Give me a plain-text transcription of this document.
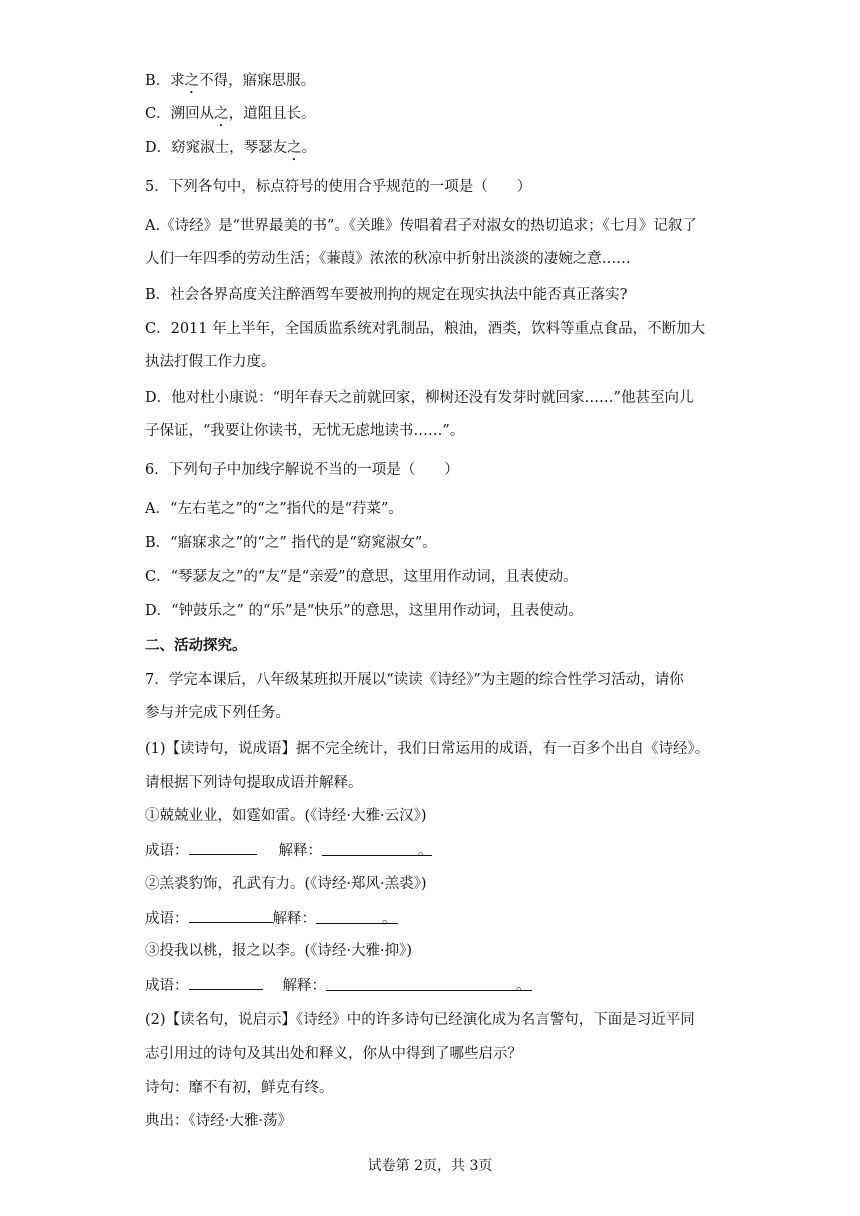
B．求之不得，寤寐思服。
C．溯回从之，道阻且长。
D．窈窕淑士，琴瑟友之。
5．下列各句中，标点符号的使用合乎规范的一项是（　　）
A.《诗经》是“世界最美的书”。《关雎》传唱着君子对淑女的热切追求；《七月》记叙了
人们一年四季的劳动生活；《蒹葭》浓浓的秋凉中折射出淡淡的凄婉之意……
B．社会各界高度关注醉酒驾车要被刑拘的规定在现实执法中能否真正落实?
C．2011 年上半年，全国质监系统对乳制品，粮油，酒类，饮料等重点食品，不断加大
执法打假工作力度。
D．他对杜小康说：“明年春天之前就回家，柳树还没有发芽时就回家……”他甚至向儿
子保证，“我要让你读书，无忧无虑地读书……”。
6．下列句子中加线字解说不当的一项是（　　）
A．“左右芼之”的“之”指代的是“荇菜”。
B．“寤寐求之”的“之” 指代的是“窈窕淑女”。
C．“琴瑟友之”的“友”是“亲爱”的意思，这里用作动词，且表使动。
D．“钟鼓乐之” 的“乐”是“快乐”的意思，这里用作动词，且表使动。
二、活动探究。
7．学完本课后，八年级某班拟开展以“读读《诗经》”为主题的综合性学习活动，请你
参与并完成下列任务。
(1)【读诗句，说成语】据不完全统计，我们日常运用的成语，有一百多个出自《诗经》。
请根据下列诗句提取成语并解释。
①兢兢业业，如霆如雷。(《诗经·大雅·云汉》)
成语：	解释：	。
②羔裘豹饰，孔武有力。(《诗经·郑风·羔裘》)
成语：	解释：	。
③投我以桃，报之以李。(《诗经·大雅·抑》)
成语：	解释：	。
(2)【读名句，说启示】《诗经》中的许多诗句已经演化成为名言警句，下面是习近平同
志引用过的诗句及其出处和释义，你从中得到了哪些启示？
诗句：靡不有初，鲜克有终。
典出：《诗经·大雅·荡》
试卷第 2页，共 3页
